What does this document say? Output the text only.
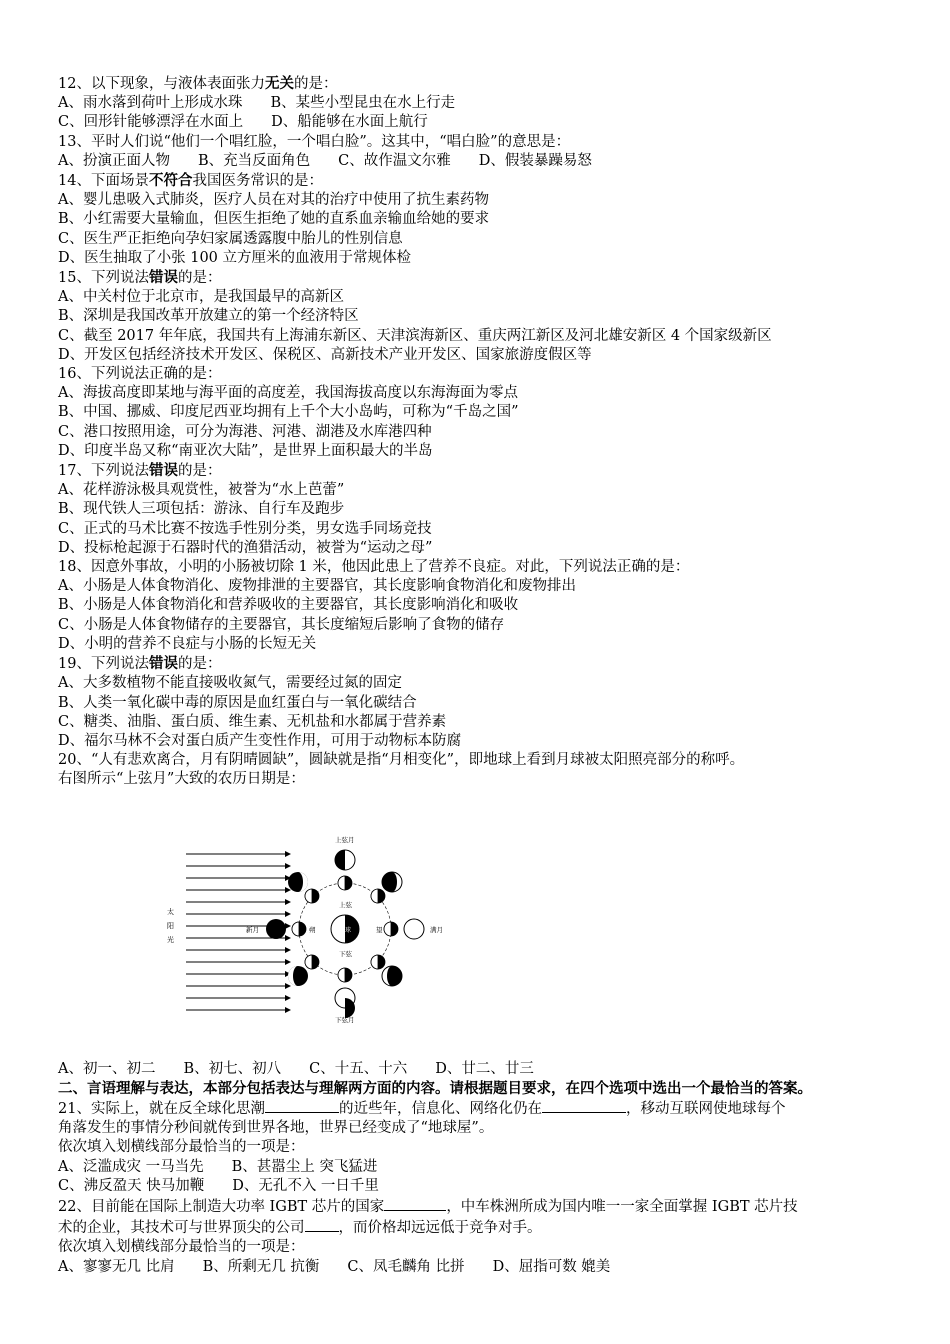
12、以下现象，与液体表面张力无关的是：
A、雨水落到荷叶上形成水珠 B、某些小型昆虫在水上行走
C、回形针能够漂浮在水面上 D、船能够在水面上航行
13、平时人们说“他们一个唱红脸，一个唱白脸”。这其中，“唱白脸”的意思是：
A、扮演正面人物 B、充当反面角色 C、故作温文尔雅 D、假装暴躁易怒
14、下面场景不符合我国医务常识的是：
A、婴儿患吸入式肺炎，医疗人员在对其的治疗中使用了抗生素药物
B、小红需要大量输血，但医生拒绝了她的直系血亲输血给她的要求
C、医生严正拒绝向孕妇家属透露腹中胎儿的性别信息
D、医生抽取了小张 100 立方厘米的血液用于常规体检
15、下列说法错误的是：
A、中关村位于北京市，是我国最早的高新区
B、深圳是我国改革开放建立的第一个经济特区
C、截至 2017 年年底，我国共有上海浦东新区、天津滨海新区、重庆两江新区及河北雄安新区 4 个国家级新区
D、开发区包括经济技术开发区、保税区、高新技术产业开发区、国家旅游度假区等
16、下列说法正确的是：
A、海拔高度即某地与海平面的高度差，我国海拔高度以东海海面为零点
B、中国、挪威、印度尼西亚均拥有上千个大小岛屿，可称为“千岛之国”
C、港口按照用途，可分为海港、河港、湖港及水库港四种
D、印度半岛又称“南亚次大陆”，是世界上面积最大的半岛
17、下列说法错误的是：
A、花样游泳极具观赏性，被誉为“水上芭蕾”
B、现代铁人三项包括：游泳、自行车及跑步
C、正式的马术比赛不按选手性别分类，男女选手同场竞技
D、投标枪起源于石器时代的渔猎活动，被誉为“运动之母”
18、因意外事故，小明的小肠被切除 1 米，他因此患上了营养不良症。对此，下列说法正确的是：
A、小肠是人体食物消化、废物排泄的主要器官，其长度影响食物消化和废物排出
B、小肠是人体食物消化和营养吸收的主要器官，其长度影响消化和吸收
C、小肠是人体食物储存的主要器官，其长度缩短后影响了食物的储存
D、小明的营养不良症与小肠的长短无关
19、下列说法错误的是：
A、大多数植物不能直接吸收氮气，需要经过氮的固定
B、人类一氧化碳中毒的原因是血红蛋白与一氧化碳结合
C、糖类、油脂、蛋白质、维生素、无机盐和水都属于营养素
D、福尔马林不会对蛋白质产生变性作用，可用于动物标本防腐
20、“人有悲欢离合，月有阴晴圆缺”，圆缺就是指“月相变化”，即地球上看到月球被太阳照亮部分的称呼。
右图所示“上弦月”大致的农历日期是：
太
阳
光
地球
上弦月
下弦月
新月	满月
上弦
下弦
朔	望
A、初一、初二 B、初七、初八 C、十五、十六 D、廿二、廿三
二、言语理解与表达，本部分包括表达与理解两方面的内容。请根据题目要求，在四个选项中选出一个最恰当的答案。
21、实际上，就在反全球化思潮	的近些年，信息化、网络化仍在	，移动互联网使地球每个
角落发生的事情分秒间就传到世界各地，世界已经变成了“地球屋”。
依次填入划横线部分最恰当的一项是：
A、泛滥成灾 一马当先 B、甚嚣尘上 突飞猛进
C、沸反盈天 快马加鞭 D、无孔不入 一日千里
22、目前能在国际上制造大功率 IGBT 芯片的国家	，中车株洲所成为国内唯一一家全面掌握 IGBT 芯片技
术的企业，其技术可与世界顶尖的公司 ，而价格却远远低于竞争对手。
依次填入划横线部分最恰当的一项是：
A、寥寥无几 比肩 B、所剩无几 抗衡 C、凤毛麟角 比拼 D、屈指可数 媲美
